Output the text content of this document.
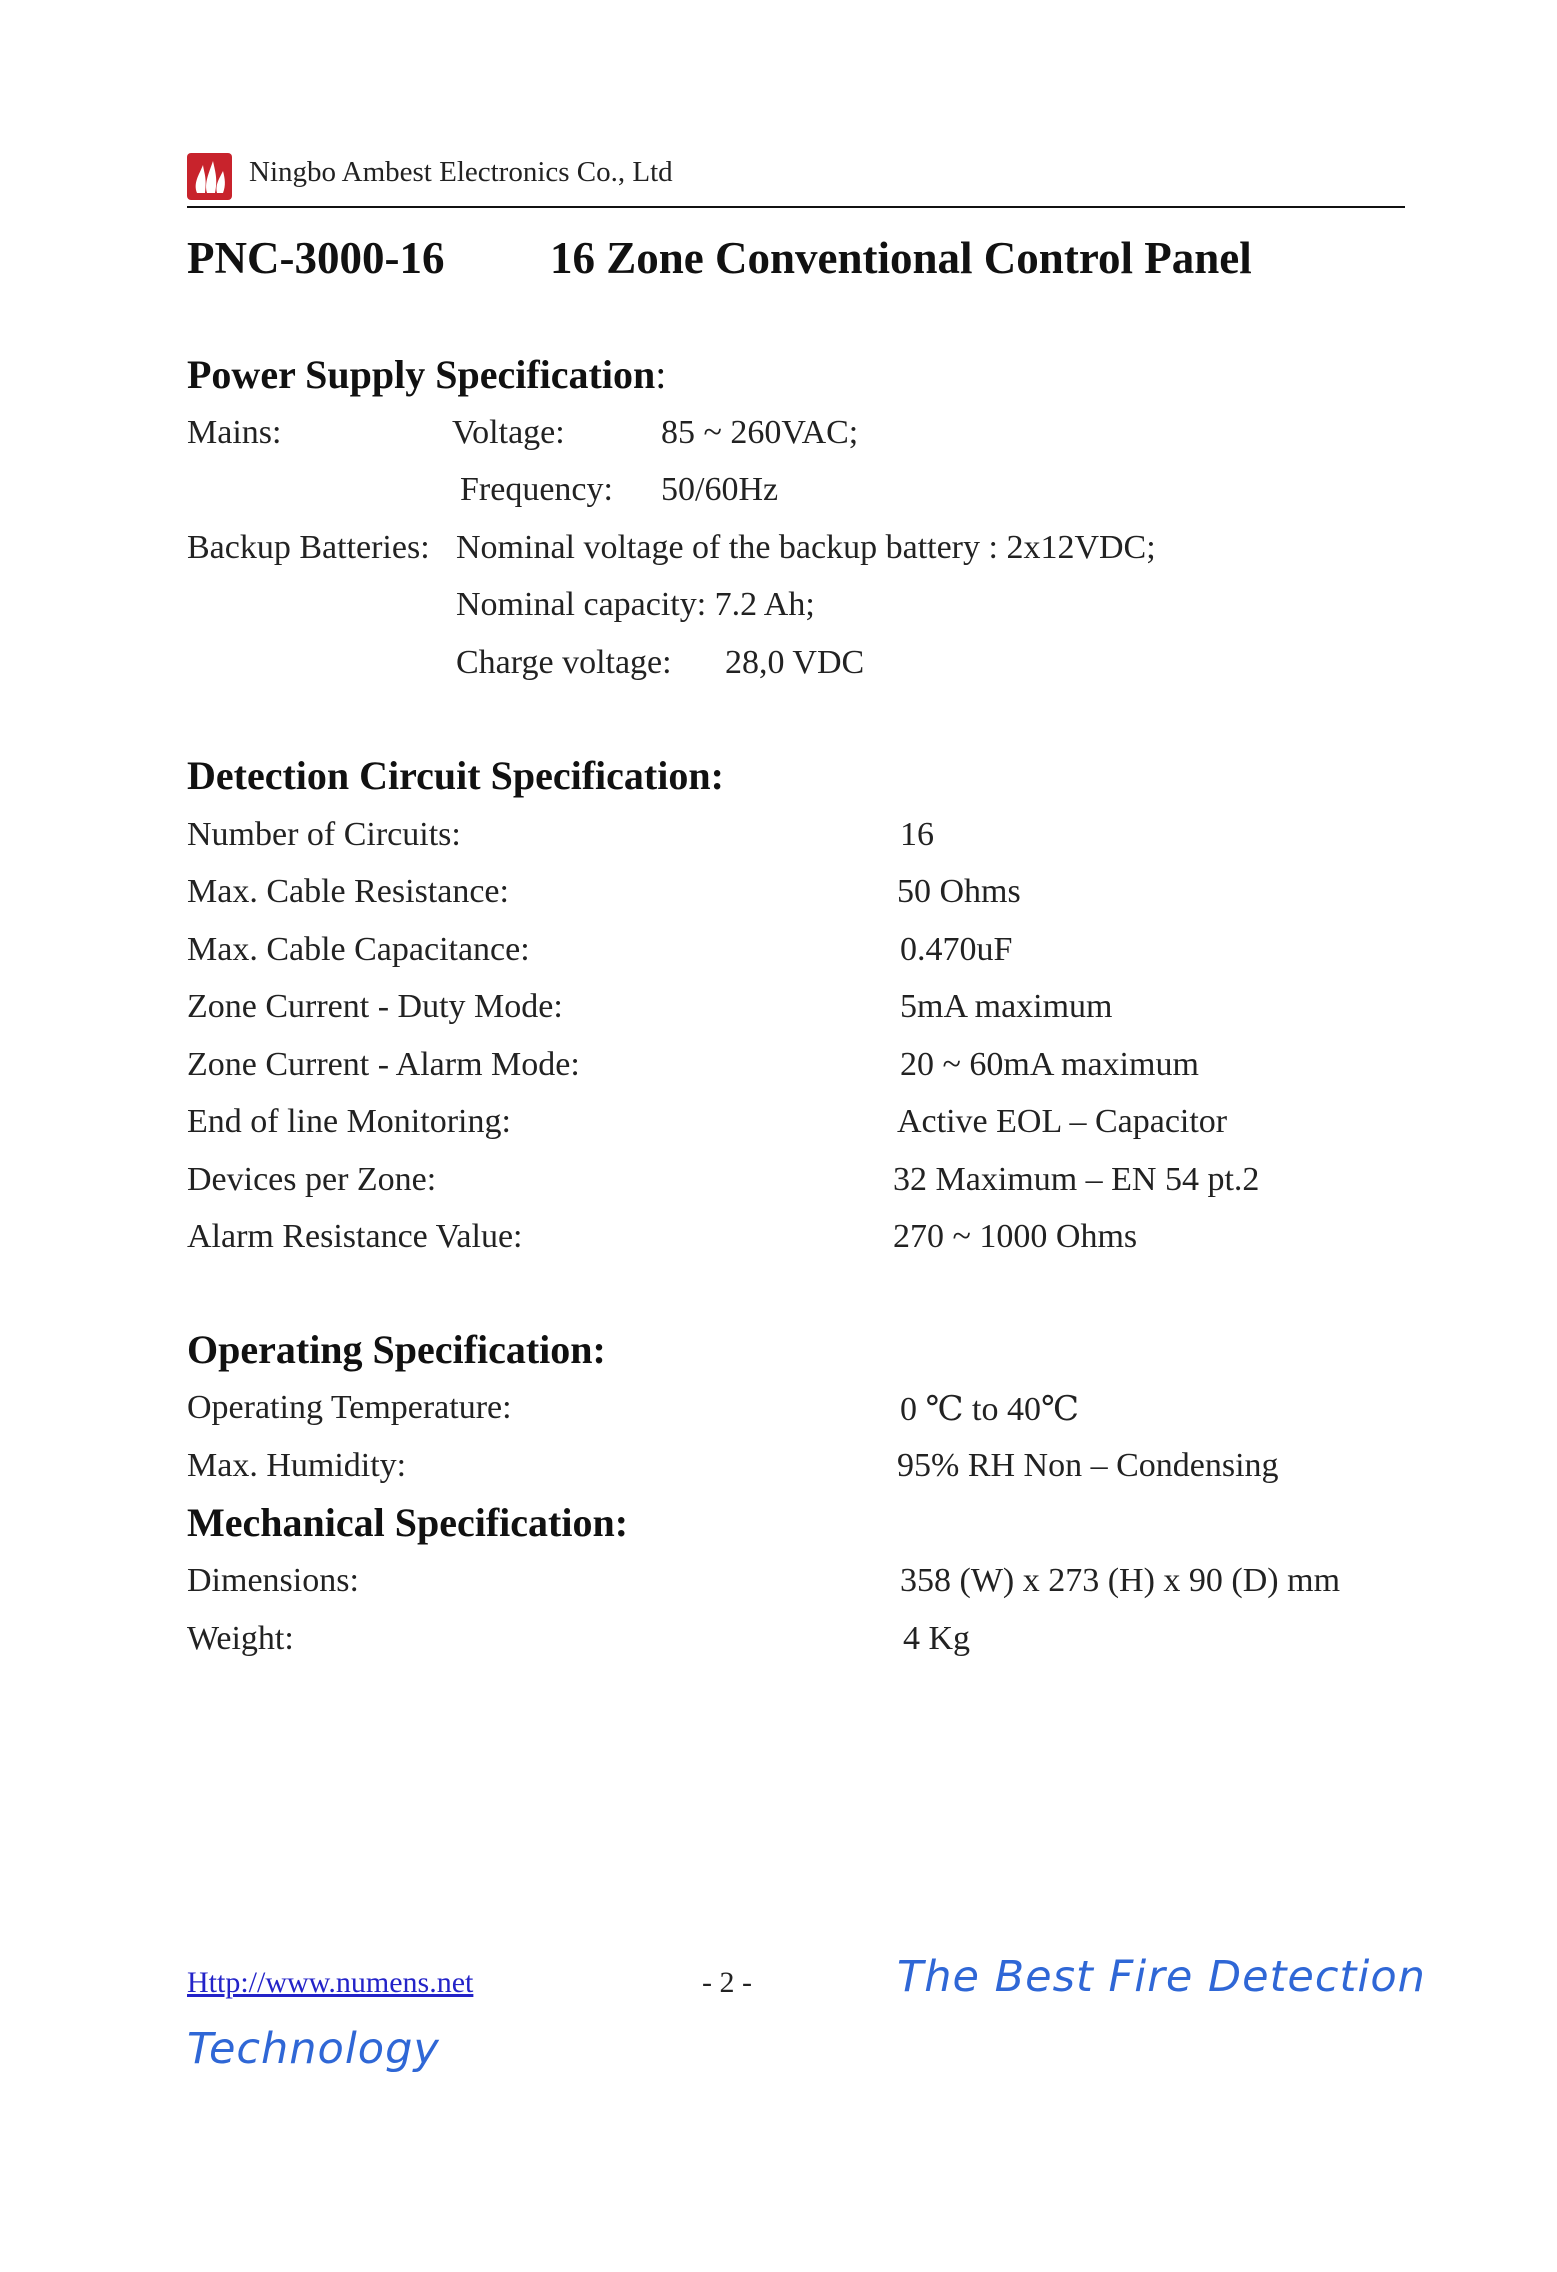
Ningbo Ambest Electronics Co., Ltd
PNC-3000-16 16 Zone Conventional Control Panel
Power Supply Specification:
Mains:	Voltage:	85 ~ 260VAC;
Frequency: 50/60Hz
Backup Batteries: Nominal voltage of the backup battery : 2x12VDC;
Nominal capacity: 7.2 Ah;
Charge voltage: 28,0 VDC
Detection Circuit Specification:
Number of Circuits:	16
Max. Cable Resistance:	50 Ohms
Max. Cable Capacitance:	0.470uF
Zone Current - Duty Mode:	5mA maximum
Zone Current - Alarm Mode:	20 ~ 60mA maximum
End of line Monitoring:	Active EOL – Capacitor
Devices per Zone:	32 Maximum – EN 54 pt.2
Alarm Resistance Value:	270 ~ 1000 Ohms
Operating Specification:
Operating Temperature:	0 ℃ to 40℃
Max. Humidity:	95% RH Non – Condensing
Mechanical Specification:
Dimensions:	358 (W) x 273 (H) x 90 (D) mm
Weight:	4 Kg
Http://www.numens.net	- 2 -	The Best Fire Detection
Technology
